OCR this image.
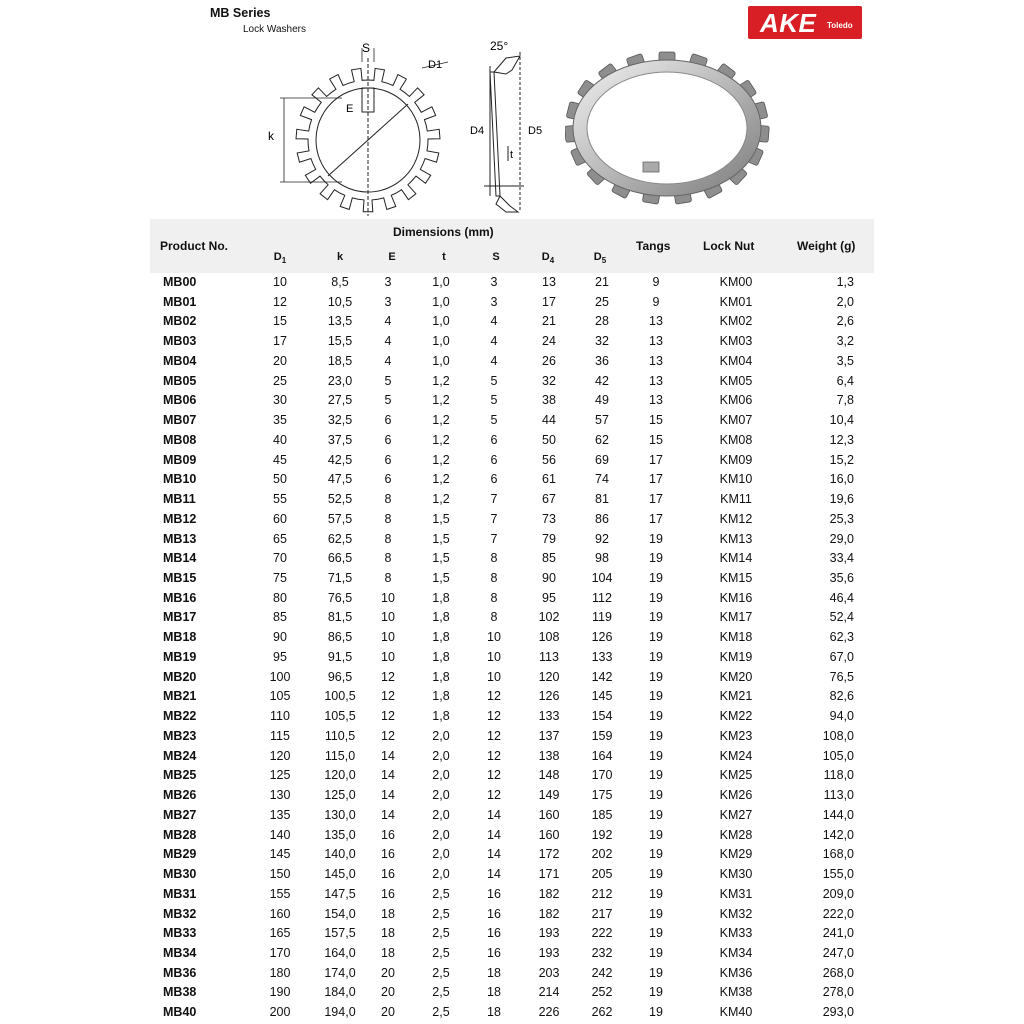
MB Series
Lock Washers	AKE Toledo
S
D1
E
k
25°
D4	D5
t
Product No.
Dimensions (mm)
Tangs	Lock Nut	Weight (g)
$D_1$	k	E	t	S	$D_4$	$D_5$
MB00	10	8,5	3	1,0	3	13	21	9	KM00	1,3
MB01	12	10,5	3	1,0	3	17	25	9	KM01	2,0
MB02	15	13,5	4	1,0	4	21	28	13	KM02	2,6
MB03	17	15,5	4	1,0	4	24	32	13	KM03	3,2
MB04	20	18,5	4	1,0	4	26	36	13	KM04	3,5
MB05	25	23,0	5	1,2	5	32	42	13	KM05	6,4
MB06	30	27,5	5	1,2	5	38	49	13	KM06	7,8
MB07	35	32,5	6	1,2	5	44	57	15	KM07	10,4
MB08	40	37,5	6	1,2	6	50	62	15	KM08	12,3
MB09	45	42,5	6	1,2	6	56	69	17	KM09	15,2
MB10	50	47,5	6	1,2	6	61	74	17	KM10	16,0
MB11	55	52,5	8	1,2	7	67	81	17	KM11	19,6
MB12	60	57,5	8	1,5	7	73	86	17	KM12	25,3
MB13	65	62,5	8	1,5	7	79	92	19	KM13	29,0
MB14	70	66,5	8	1,5	8	85	98	19	KM14	33,4
MB15	75	71,5	8	1,5	8	90	104	19	KM15	35,6
MB16	80	76,5	10	1,8	8	95	112	19	KM16	46,4
MB17	85	81,5	10	1,8	8	102	119	19	KM17	52,4
MB18	90	86,5	10	1,8	10	108	126	19	KM18	62,3
MB19	95	91,5	10	1,8	10	113	133	19	KM19	67,0
MB20	100	96,5	12	1,8	10	120	142	19	KM20	76,5
MB21	105	100,5	12	1,8	12	126	145	19	KM21	82,6
MB22	110	105,5	12	1,8	12	133	154	19	KM22	94,0
MB23	115	110,5	12	2,0	12	137	159	19	KM23	108,0
MB24	120	115,0	14	2,0	12	138	164	19	KM24	105,0
MB25	125	120,0	14	2,0	12	148	170	19	KM25	118,0
MB26	130	125,0	14	2,0	12	149	175	19	KM26	113,0
MB27	135	130,0	14	2,0	14	160	185	19	KM27	144,0
MB28	140	135,0	16	2,0	14	160	192	19	KM28	142,0
MB29	145	140,0	16	2,0	14	172	202	19	KM29	168,0
MB30	150	145,0	16	2,0	14	171	205	19	KM30	155,0
MB31	155	147,5	16	2,5	16	182	212	19	KM31	209,0
MB32	160	154,0	18	2,5	16	182	217	19	KM32	222,0
MB33	165	157,5	18	2,5	16	193	222	19	KM33	241,0
MB34	170	164,0	18	2,5	16	193	232	19	KM34	247,0
MB36	180	174,0	20	2,5	18	203	242	19	KM36	268,0
MB38	190	184,0	20	2,5	18	214	252	19	KM38	278,0
MB40	200	194,0	20	2,5	18	226	262	19	KM40	293,0
